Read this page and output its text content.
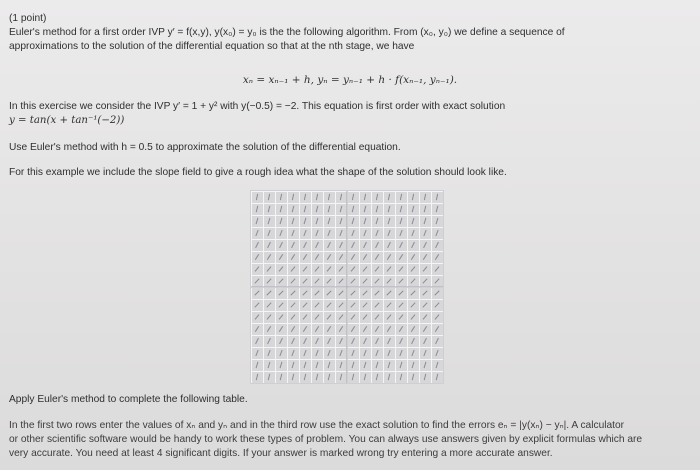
(1 point)
Euler's method for a first order IVP y′ = f(x,y), y(x₀) = y₀ is the the following algorithm. From (x₀, y₀) we define a sequence of
approximations to the solution of the differential equation so that at the nth stage, we have
xₙ = xₙ₋₁ + h, yₙ = yₙ₋₁ + h · f(xₙ₋₁, yₙ₋₁).
In this exercise we consider the IVP y′ = 1 + y² with y(−0.5) = −2. This equation is first order with exact solution
y = tan(x + tan⁻¹(−2))
Use Euler's method with h = 0.5 to approximate the solution of the differential equation.
For this example we include the slope field to give a rough idea what the shape of the solution should look like.
Apply Euler's method to complete the following table.
In the first two rows enter the values of xₙ and yₙ and in the third row use the exact solution to find the errors eₙ = |y(xₙ) − yₙ|. A calculator
or other scientific software would be handy to work these types of problem. You can always use answers given by explicit formulas which are
very accurate. You need at least 4 significant digits. If your answer is marked wrong try entering a more accurate answer.
